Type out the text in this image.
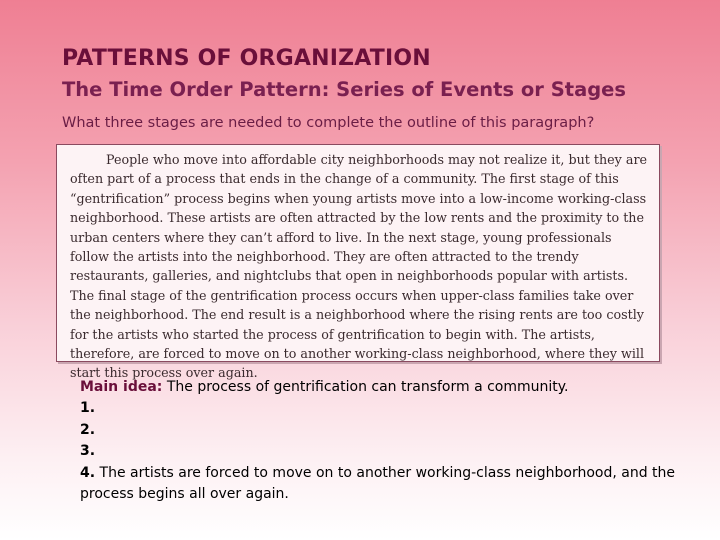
PATTERNS OF ORGANIZATION
The Time Order Pattern: Series of Events or Stages
What three stages are needed to complete the outline of this paragraph?

People who move into affordable city neighborhoods may not realize it, but they are often part of a process that ends in the change of a community. The first stage of this “gentrification” process begins when young artists move into a low-income working-class neighborhood. These artists are often attracted by the low rents and the proximity to the urban centers where they can’t afford to live. In the next stage, young professionals follow the artists into the neighborhood. They are often attracted to the trendy restaurants, galleries, and nightclubs that open in neighborhoods popular with artists. The final stage of the gentrification process occurs when upper-class families take over the neighborhood. The end result is a neighborhood where the rising rents are too costly for the artists who started the process of gentrification to begin with. The artists, therefore, are forced to move on to another working-class neighborhood, where they will start this process over again.

Main idea: The process of gentrification can transform a community.
1.
2.
3.
4. The artists are forced to move on to another working-class neighborhood, and the process begins all over again.
